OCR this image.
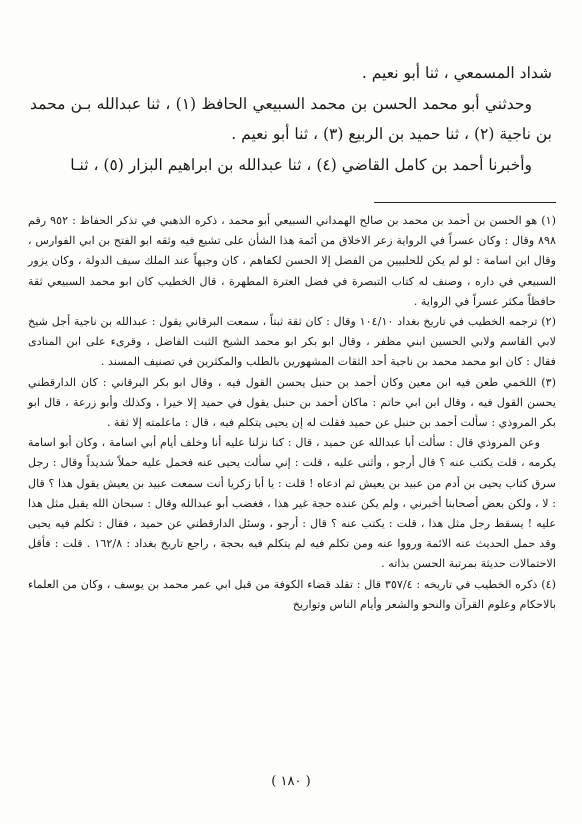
شداد المسمعي ، ثنا أبو نعيم .

وحدثني أبو محمد الحسن بن محمد السبيعي الحافظ (١) ، ثنا عبدالله بـن محمد بن ناجية (٢) ، ثنا حميد بن الربيع (٣) ، ثنا أبو نعيم .

وأخبرنا أحمد بن كامل القاضي (٤) ، ثنا عبدالله بن ابراهيم البزار (٥) ، ثنـا

(١) هو الحسن بن أحمد بن محمد بن صالح الهمداني السبيعي أبو محمد ، ذكره الذهبي في تذكر الحفاظ : ٩٥٢ رقم ٨٩٨ وقال : وكان عسراً في الرواية زعر الاخلاق من أئمة هذا الشأن على تشيع فيه وثقه ابو الفتح بن ابي الفوارس ، وقال ابن اسامة : لو لم يكن للحلبيين من الفضل إلا الحسن لكفاهم ، كان وجيهاً عند الملك سيف الدولة ، وكان يزور السبيعي في داره ، وصنف له كتاب التبصرة في فضل العترة المطهرة ، قال الخطيب كان ابو محمد السبيعي ثقة حافظاً مكثر عسراً في الرواية .

(٢) ترجمه الخطيب في تاريخ بغداد ١٠٤/١٠ وقال : كان ثقة ثبتاً ، سمعت البرقاني يقول : عبدالله بن ناجية أجل شيخ لابي القاسم ولابي الحسين ابني مظفر ، وقال ابو بكر ابو محمد الشيخ الثبت الفاضل ، وقرىء على ابن المنادى فقال : كان ابو محمد محمد بن ناجية أحد الثقات المشهورين بالطلب والمكثرين في تصنيف المسند .

(٣) اللخمي طعن فيه ابن معين وكان أحمد بن حنبل يحسن القول فيه ، وقال ابو بكر البرقاني : كان الدارقطني يحسن القول فيه ، وقال ابن ابي حاتم : ماكان أحمد بن حنبل يقول في حميد إلا خيرا ، وكذلك وأبو زرعة ، قال ابو بكر المروذي : سألت أحمد بن حنبل عن حميد فقلت له إن يحيى يتكلم فيه ، قال : ماعلمته إلا ثقة .

وعن المروذي قال : سألت أبا عبدالله عن حميد ، قال : كنا نزلنا عليه أنا وخلف أيام أبي اسامة ، وكان أبو اسامة يكرمه ، قلت يكتب عنه ؟ قال أرجو ، وأثنى عليه ، قلت : إني سألت يحيى عنه فحمل عليه حملاً شديداً وقال : رجل سرق كتاب يحيى بن أدم من عبيد بن يعيش ثم ادعاه ! قلت : يا أبا زكريا أنت سمعت عبيد بن يعيش يقول هذا ؟ قال : لا ، ولكن بعض أصحابنا أخبرني ، ولم يكن عنده حجة غير هذا ، فغضب أبو عبدالله وقال : سبحان الله يقبل مثل هذا عليه ! يسقط رجل مثل هذا ، قلت : يكتب عنه ؟ قال : أرجو ، وسئل الدارقطني عن حميد ، فقال : تكلم فيه يحيى وقد حمل الحديث عنه الائمة ورووا عنه ومن تكلم فيه لم يتكلم فيه بحجة ، راجع تاريخ بغداد : ١٦٢/٨ . قلت : فأقل الاحتمالات حديثة بمرتبة الحسن بذاته .

(٤) ذكره الخطيب في تاريخه : ٣٥٧/٤ قال : تقلد قضاء الكوفة من قبل ابي عمر محمد بن يوسف ، وكان من العلماء بالاحكام وعلوم القرآن والنحو والشعر وأيام الناس وتواريخ

( ١٨٠ )
